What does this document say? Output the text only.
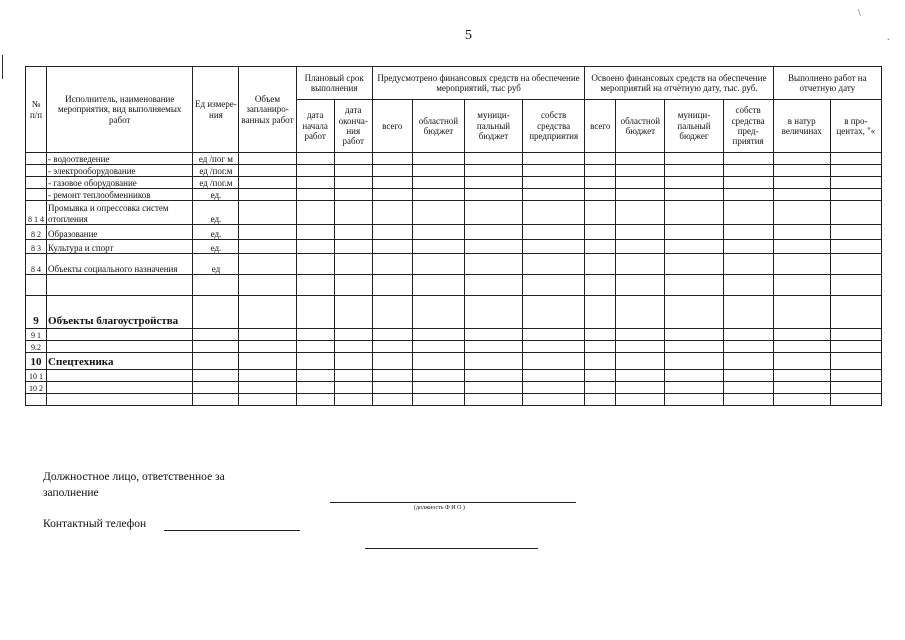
5
\
.
№ п/п	Исполнитель, наименование мероприятия, вид выполняемых работ	Ед измере-ния	Объем запланиро-ванных работ	Плановый срок выполнения		Предусмотрено финансовых средств на обеспечение мероприятий, тыс руб				Освоено финансовых средств на обеспечение мероприятий на отчётную дату, тыс. руб.				Выполнено работ на отчетную дату	
				дата начала работ	дата оконча-ния работ	всего	областной бюджет	муници-пальный бюджет	собств средства предприятия	всего	областной бюджет	муници-пальный бюджег	собств средства пред-приятия	в натур величинах	в про-центах, "«
	- водоотведение	ед /пог м													
	- электрооборудование	ед /пог.м													
	- газовое оборудование	ед /пог.м													
	- ремонт теплообменников	ед.													
8 1 4	Промывка и опрессовка систем отопления	ед.													
8 2	Образование	ед.													
8 3	Культура и спорт	ед.													
8 4	Объекты социального назначения	ед													

9	Объекты благоустройства														
9 1															
9.2															
10	Спецтехника														
10 1															
10 2															

Должностное лицо, ответственное за заполнение
(должность Ф И О )
Контактный телефон
